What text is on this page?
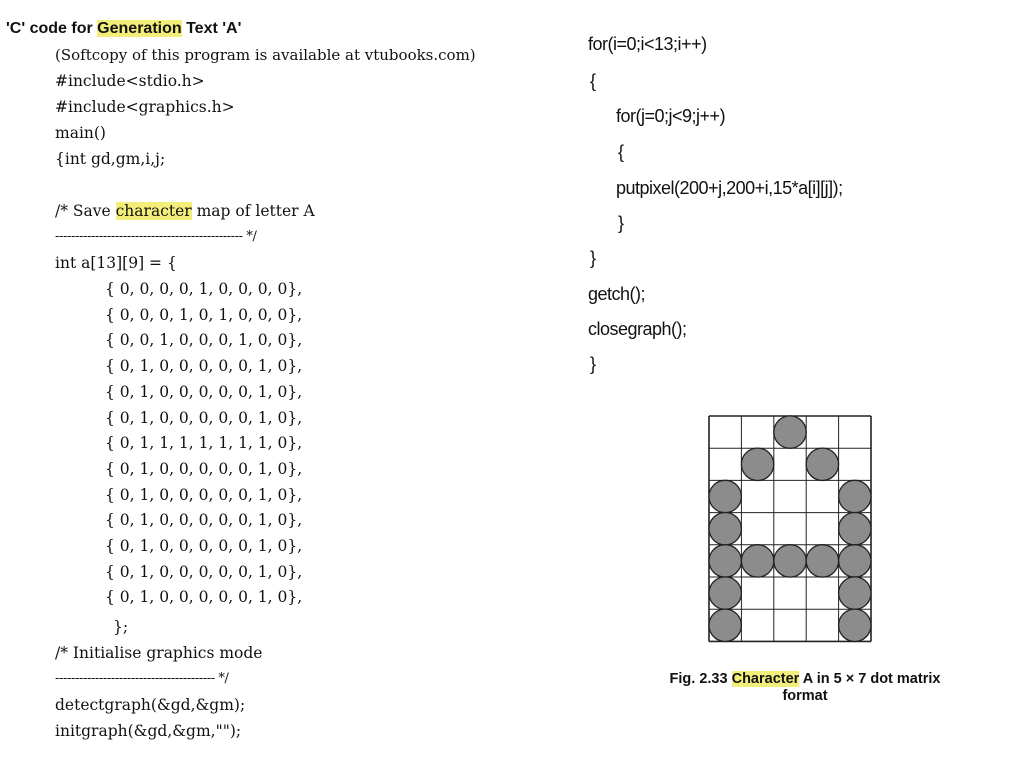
'C' code for Generation Text 'A'
(Softcopy of this program is available at vtubooks.com)
#include<stdio.h>
#include<graphics.h>
main()
{int gd,gm,i,j;
/* Save character map of letter A
----------------------------------------------- */
int a[13][9] = {
{ 0, 0, 0, 0, 1, 0, 0, 0, 0},
{ 0, 0, 0, 1, 0, 1, 0, 0, 0},
{ 0, 0, 1, 0, 0, 0, 1, 0, 0},
{ 0, 1, 0, 0, 0, 0, 0, 1, 0},
{ 0, 1, 0, 0, 0, 0, 0, 1, 0},
{ 0, 1, 0, 0, 0, 0, 0, 1, 0},
{ 0, 1, 1, 1, 1, 1, 1, 1, 0},
{ 0, 1, 0, 0, 0, 0, 0, 1, 0},
{ 0, 1, 0, 0, 0, 0, 0, 1, 0},
{ 0, 1, 0, 0, 0, 0, 0, 1, 0},
{ 0, 1, 0, 0, 0, 0, 0, 1, 0},
{ 0, 1, 0, 0, 0, 0, 0, 1, 0},
{ 0, 1, 0, 0, 0, 0, 0, 1, 0},
};
/* Initialise graphics mode
---------------------------------------- */
detectgraph(&gd,&gm);
initgraph(&gd,&gm,"");
for(i=0;i<13;i++)
{
for(j=0;j<9;j++)
{
putpixel(200+j,200+i,15*a[i][j]);
}
}
getch();
closegraph();
}
Fig. 2.33 Character A in 5 × 7 dot matrix
format
